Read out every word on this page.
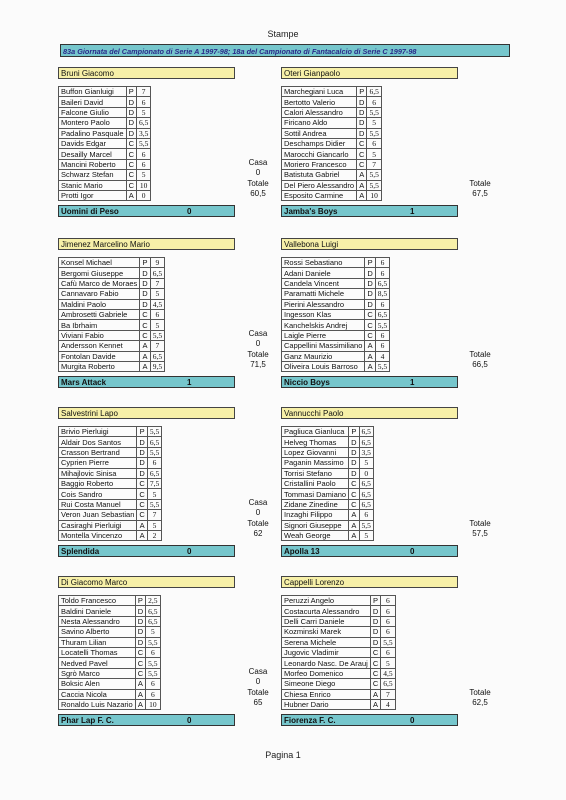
Stampe
83a Giornata del Campionato di Serie A 1997-98; 18a del Campionato di Fantacalcio di Serie C 1997-98
Bruni Giacomo
Buffon Gianluigi	P	7
Baileri David	D	6
Falcone Giulio	D	5
Montero Paolo	D	6,5
Padalino Pasquale	D	3,5
Davids Edgar	C	5,5
Desailly Marcel	C	6
Mancini Roberto	C	6
Schwarz Stefan	C	5
Stanic Mario	C	10
Protti Igor	A	0
Oteri Gianpaolo
Marchegiani Luca	P	6,5
Bertotto Valerio	D	6
Calori Alessandro	D	5,5
Firicano Aldo	D	5
Sottil Andrea	D	5,5
Deschamps Didier	C	6
Marocchi Giancarlo	C	5
Moriero Francesco	C	7
Batistuta Gabriel	A	5,5
Del Piero Alessandro	A	5,5
Esposito Carmine	A	10
Casa
0
Totale
60,5
Totale
67,5
Uomini di Peso	0	Jamba's Boys	1
Jimenez Marcelino Mario
Konsel Michael	P	9
Bergomi Giuseppe	D	6,5
Cafù Marco de Moraes	D	7
Cannavaro Fabio	D	5
Maldini Paolo	D	4,5
Ambrosetti Gabriele	C	6
Ba Ibrhaim	C	5
Viviani Fabio	C	5,5
Andersson Kennet	A	7
Fontolan Davide	A	6,5
Murgita Roberto	A	9,5
Vallebona Luigi
Rossi Sebastiano	P	6
Adani Daniele	D	6
Candela Vincent	D	6,5
Paramatti Michele	D	8,5
Pierini Alessandro	D	6
Ingesson Klas	C	6,5
Kanchelskis Andrej	C	5,5
Laigle Pierre	C	6
Cappellini Massimiliano	A	6
Ganz Maurizio	A	4
Oliveira Louis Barroso	A	5,5
Casa
0
Totale
71,5
Totale
66,5
Mars Attack	1	Niccio Boys	1
Salvestrini Lapo
Brivio Pierluigi	P	5,5
Aldair Dos Santos	D	6,5
Crasson Bertrand	D	5,5
Cyprien Pierre	D	6
Mihajlovic Sinisa	D	6,5
Baggio Roberto	C	7,5
Cois Sandro	C	5
Rui Costa Manuel	C	5,5
Veron Juan Sebastian	C	7
Casiraghi Pierluigi	A	5
Montella Vincenzo	A	2
Vannucchi Paolo
Pagliuca Gianluca	P	6,5
Helveg Thomas	D	6,5
Lopez Giovanni	D	3,5
Paganin Massimo	D	5
Torrisi Stefano	D	0
Cristallini Paolo	C	6,5
Tommasi Damiano	C	6,5
Zidane Zinedine	C	6,5
Inzaghi Filippo	A	6
Signori Giuseppe	A	5,5
Weah George	A	5
Casa
0
Totale
62
Totale
57,5
Splendida	0	Apolla 13	0
Di Giacomo Marco
Toldo Francesco	P	2,5
Baldini Daniele	D	6,5
Nesta Alessandro	D	6,5
Savino Alberto	D	5
Thuram Lilian	D	5,5
Locatelli Thomas	C	6
Nedved Pavel	C	5,5
Sgrò Marco	C	5,5
Boksic Alen	A	6
Caccia Nicola	A	6
Ronaldo Luis Nazario	A	10
Cappelli Lorenzo
Peruzzi Angelo	P	6
Costacurta Alessandro	D	6
Delli Carri Daniele	D	6
Kozminski Marek	D	6
Serena Michele	D	5,5
Jugovic Vladimir	C	6
Leonardo Nasc. De Arauj	C	5
Morfeo Domenico	C	4,5
Simeone Diego	C	6,5
Chiesa Enrico	A	7
Hubner Dario	A	4
Casa
0
Totale
65
Totale
62,5
Phar Lap F. C.	0	Fiorenza F. C.	0
Pagina 1
